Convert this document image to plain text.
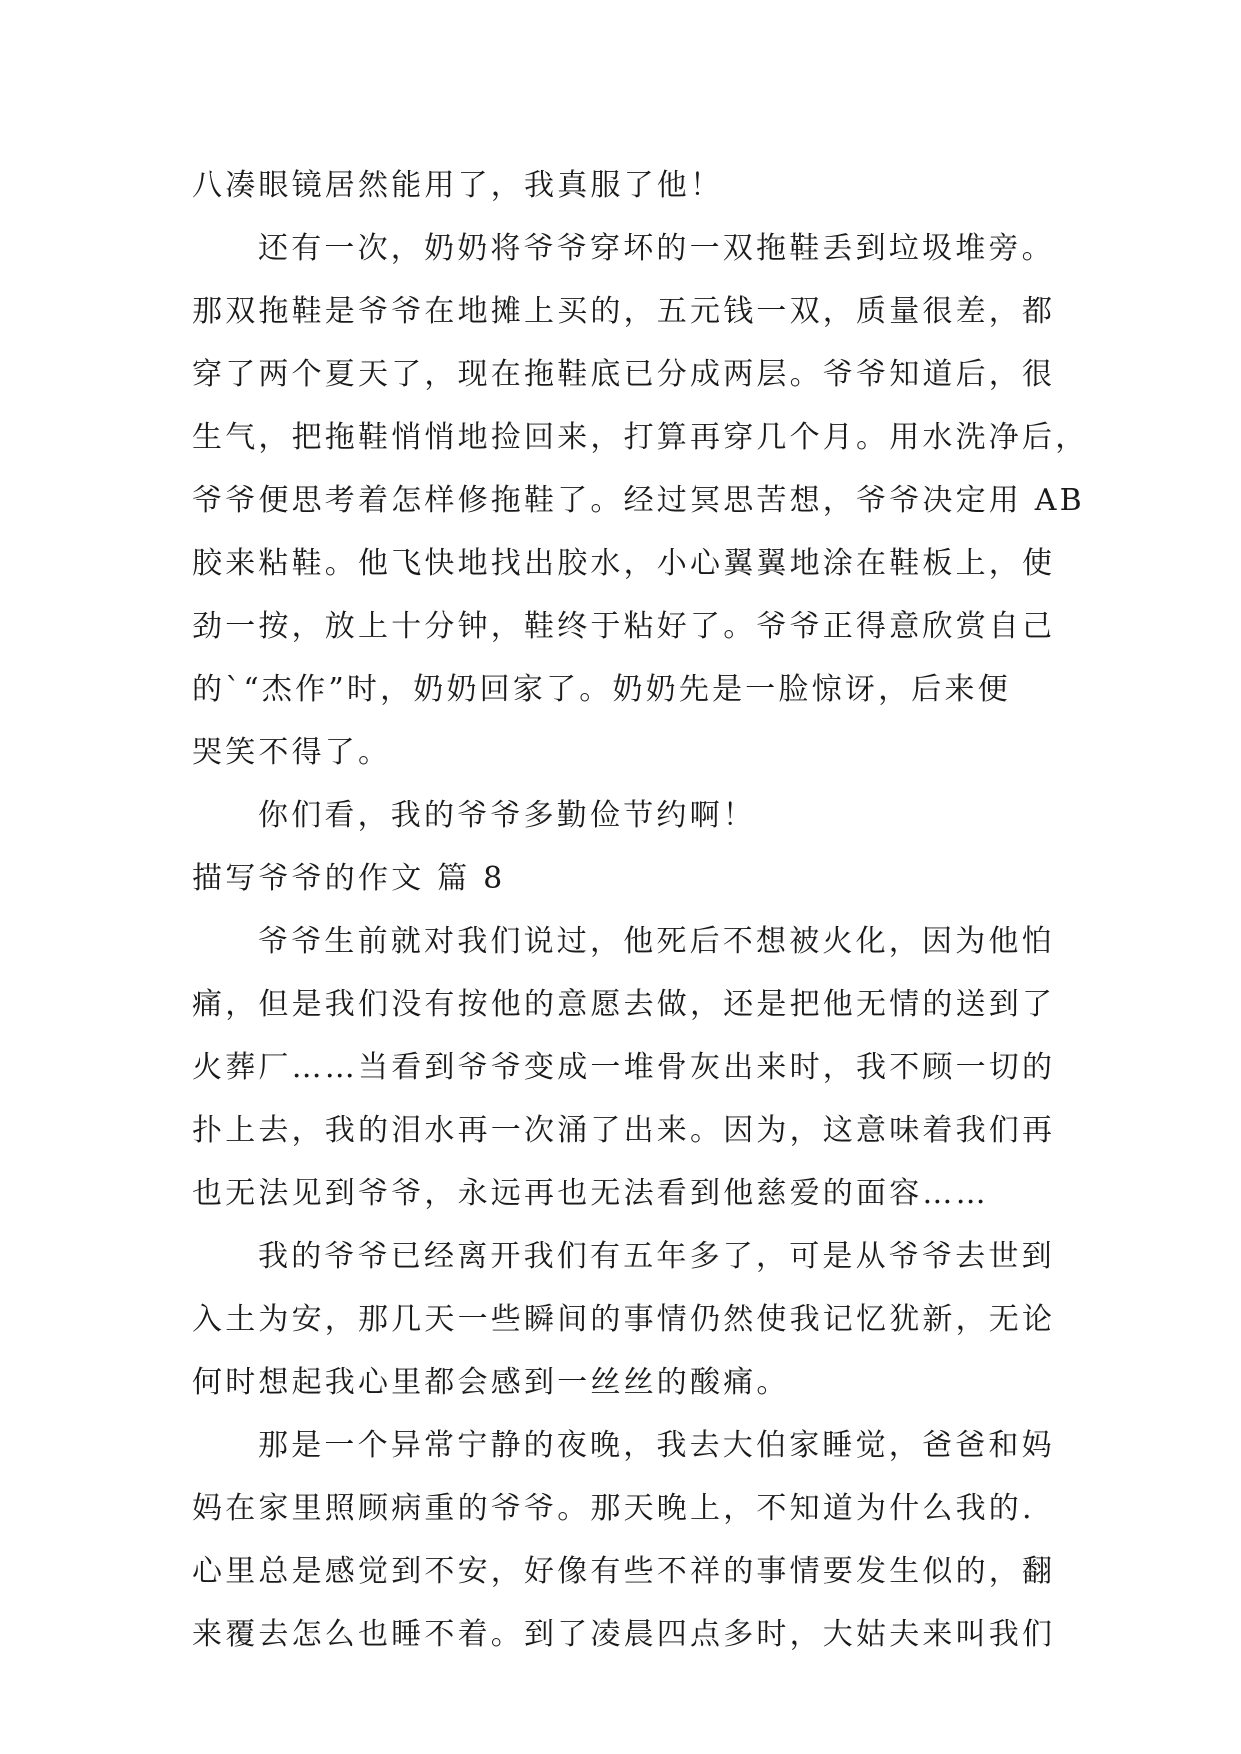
八凑眼镜居然能用了，我真服了他！
还有一次，奶奶将爷爷穿坏的一双拖鞋丢到垃圾堆旁。
那双拖鞋是爷爷在地摊上买的，五元钱一双，质量很差，都
穿了两个夏天了，现在拖鞋底已分成两层。爷爷知道后，很
生气，把拖鞋悄悄地捡回来，打算再穿几个月。用水洗净后，
爷爷便思考着怎样修拖鞋了。经过冥思苦想，爷爷决定用 AB
胶来粘鞋。他飞快地找出胶水，小心翼翼地涂在鞋板上，使
劲一按，放上十分钟，鞋终于粘好了。爷爷正得意欣赏自己
的`“杰作”时，奶奶回家了。奶奶先是一脸惊讶，后来便
哭笑不得了。
你们看，我的爷爷多勤俭节约啊！
描写爷爷的作文 篇 8
爷爷生前就对我们说过，他死后不想被火化，因为他怕
痛，但是我们没有按他的意愿去做，还是把他无情的送到了
火葬厂……当看到爷爷变成一堆骨灰出来时，我不顾一切的
扑上去，我的泪水再一次涌了出来。因为，这意味着我们再
也无法见到爷爷，永远再也无法看到他慈爱的面容……
我的爷爷已经离开我们有五年多了，可是从爷爷去世到
入土为安，那几天一些瞬间的事情仍然使我记忆犹新，无论
何时想起我心里都会感到一丝丝的酸痛。
那是一个异常宁静的夜晚，我去大伯家睡觉，爸爸和妈
妈在家里照顾病重的爷爷。那天晚上，不知道为什么我的.
心里总是感觉到不安，好像有些不祥的事情要发生似的，翻
来覆去怎么也睡不着。到了凌晨四点多时，大姑夫来叫我们
